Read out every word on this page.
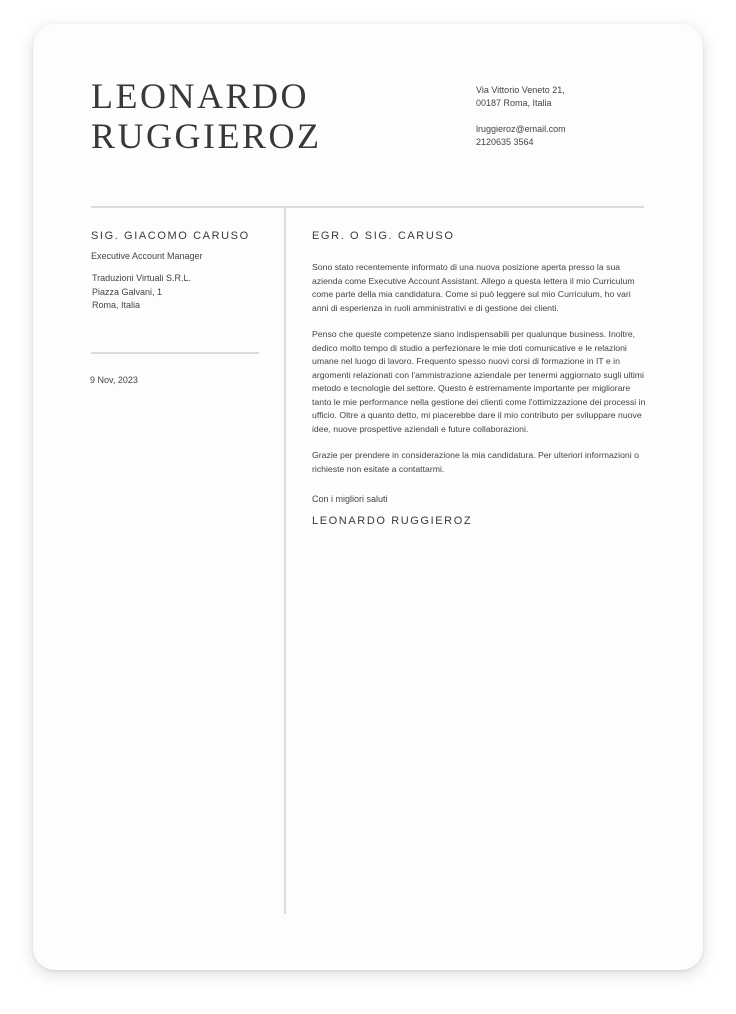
LEONARDO
RUGGIEROZ
Via Vittorio Veneto 21,
00187 Roma, Italia
lruggieroz@email.com
2120635 3564
SIG. GIACOMO CARUSO
Executive Account Manager
Traduzioni Virtuali S.R.L.
Piazza Galvani, 1
Roma, Italia
9 Nov, 2023
EGR. O SIG. CARUSO

Sono stato recentemente informato di una nuova posizione aperta presso la sua azienda come Executive Account Assistant. Allego a questa lettera il mio Curriculum come parte della mia candidatura. Come si può leggere sul mio Curriculum, ho vari anni di esperienza in ruoli amministrativi e di gestione dei clienti.

Penso che queste competenze siano indispensabili per qualunque business. Inoltre, dedico molto tempo di studio a perfezionare le mie doti comunicative e le relazioni umane nel luogo di lavoro. Frequento spesso nuovi corsi di formazione in IT e in argomenti relazionati con l'ammistrazione aziendale per tenermi aggiornato sugli ultimi metodo e tecnologie del settore. Questo è estremamente importante per migliorare tanto le mie performance nella gestione dei clienti come l'ottimizzazione dei processi in ufficio. Oltre a quanto detto, mi piacerebbe dare il mio contributo per sviluppare nuove idee, nuove prospettive aziendali e future collaborazioni.

Grazie per prendere in considerazione la mia candidatura. Per ulteriori informazioni o richieste non esitate a contattarmi.

Con i migliori saluti
LEONARDO RUGGIEROZ
